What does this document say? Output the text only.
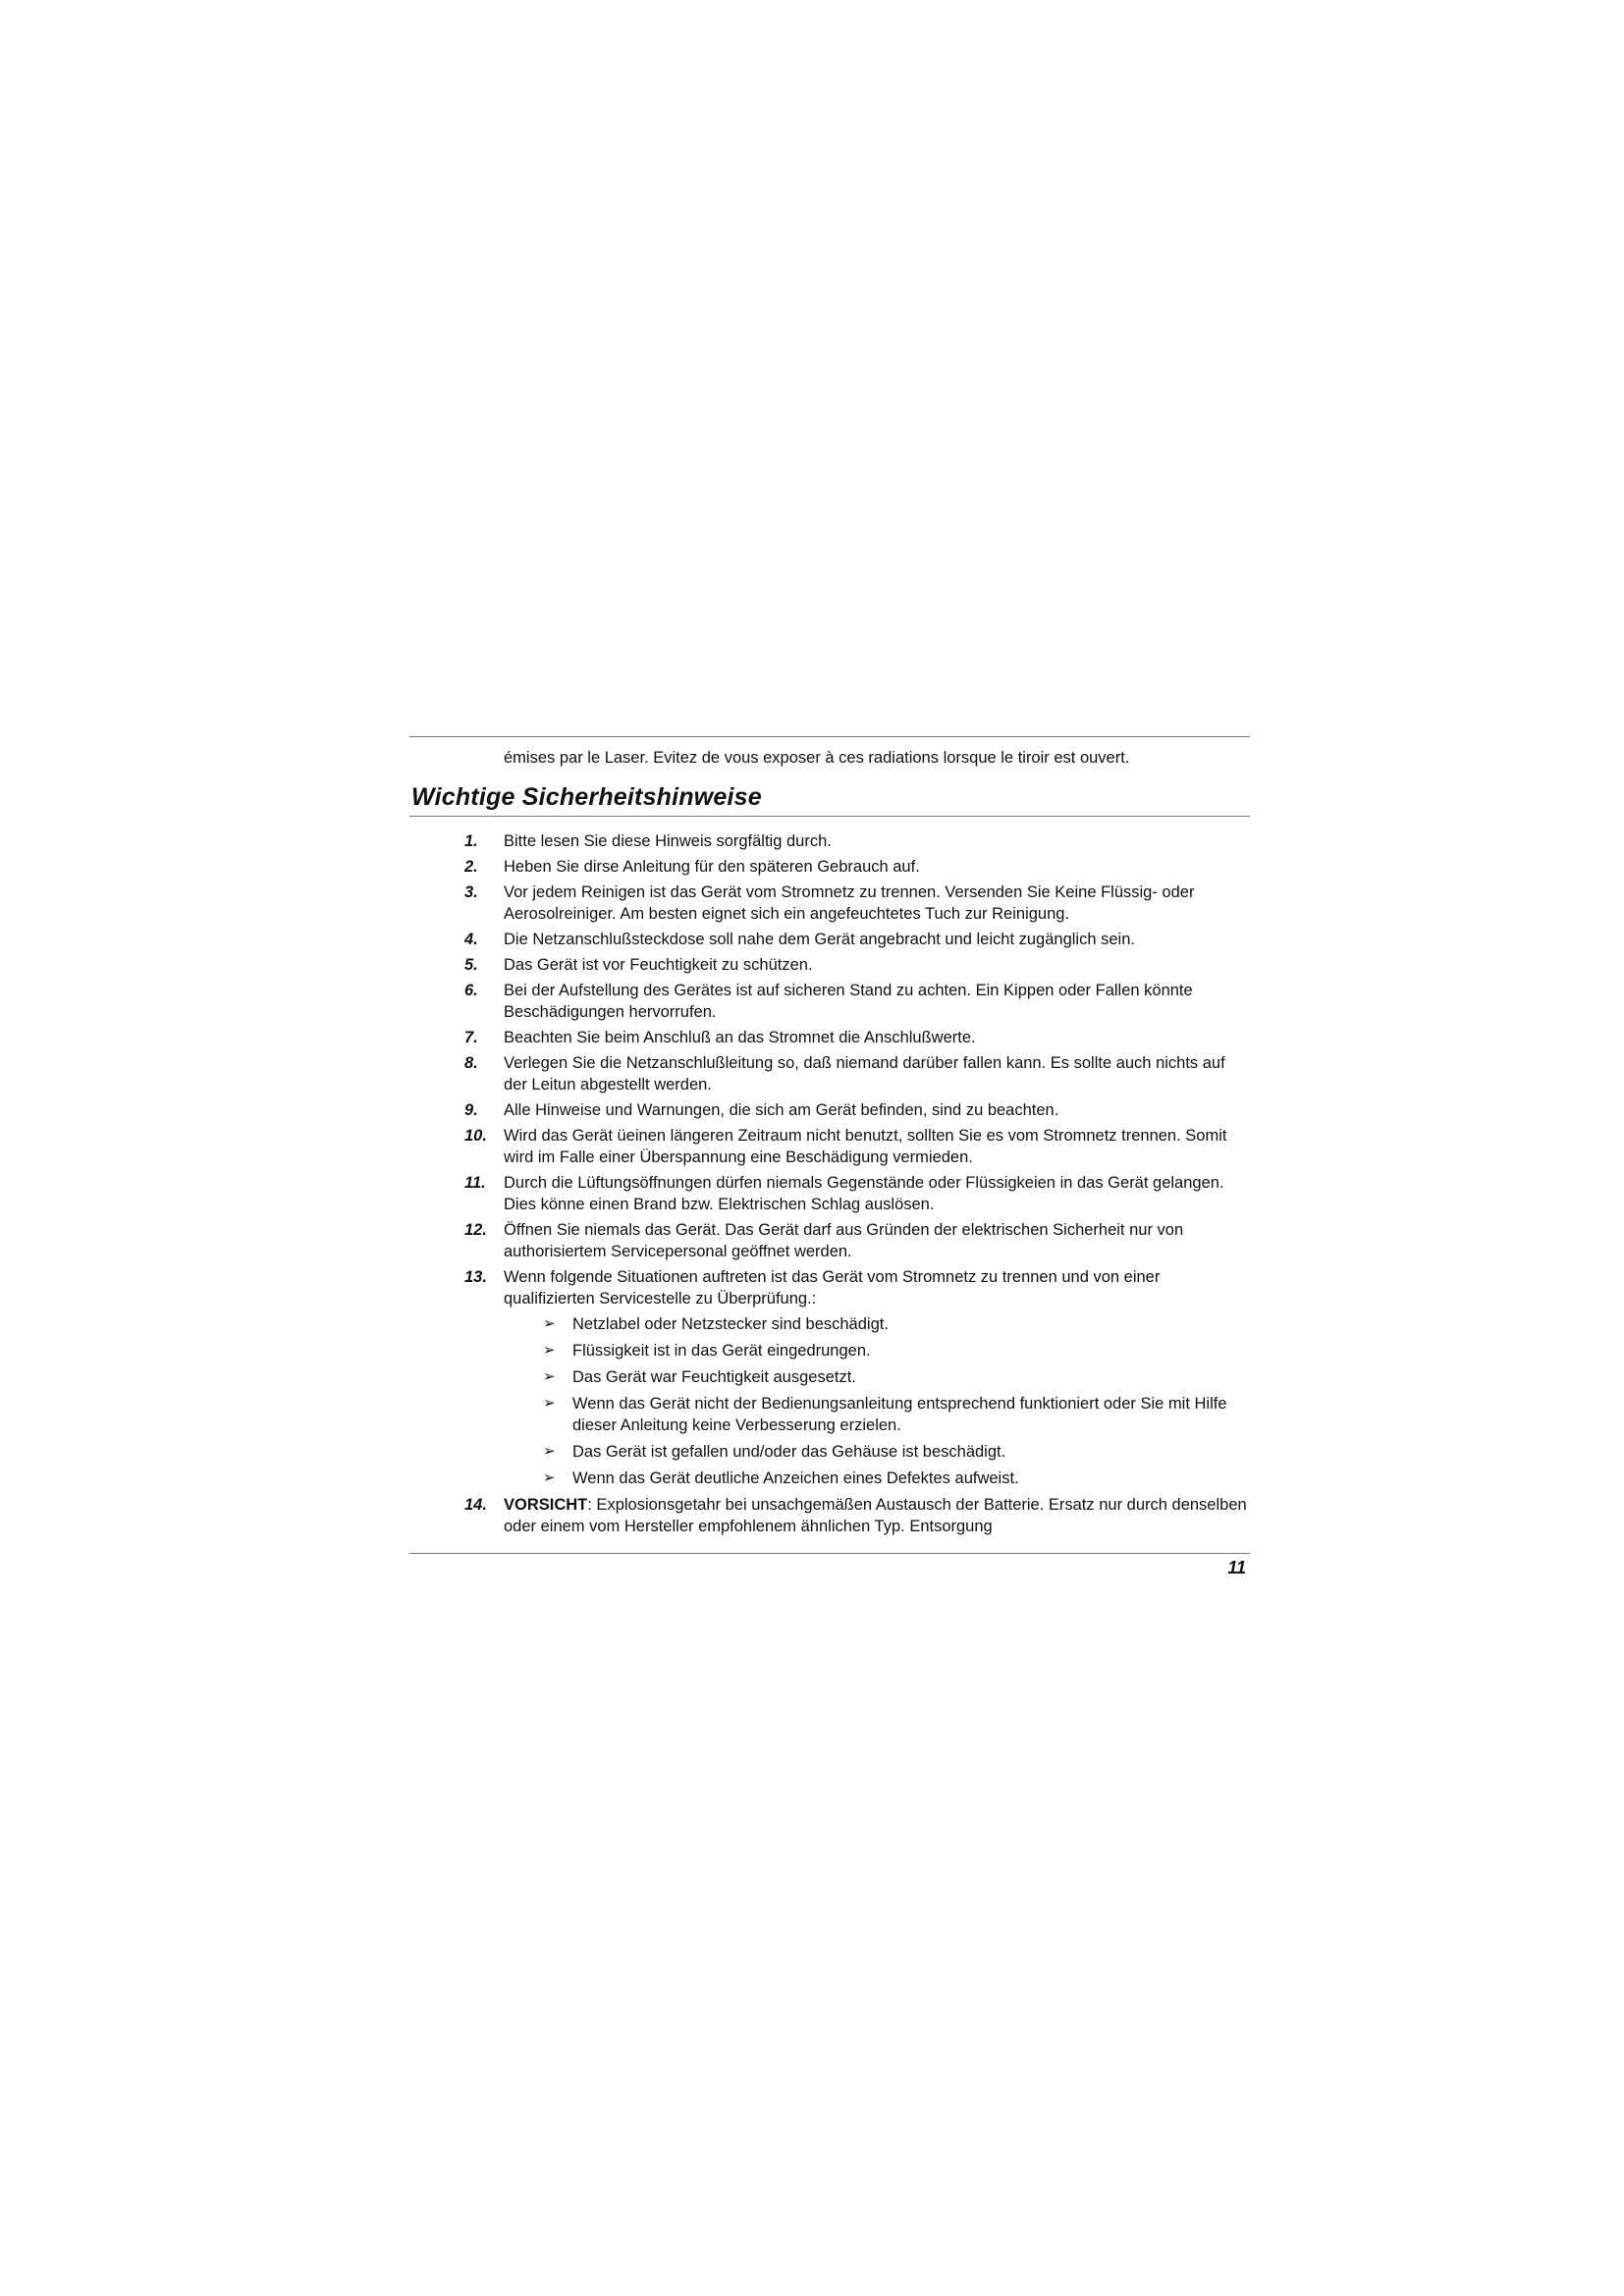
émises par le Laser. Evitez de vous exposer à ces radiations lorsque le tiroir est ouvert.
Wichtige Sicherheitshinweise
1. Bitte lesen Sie diese Hinweis sorgfältig durch.
2. Heben Sie dirse Anleitung für den späteren Gebrauch auf.
3. Vor jedem Reinigen ist das Gerät vom Stromnetz zu trennen. Versenden Sie Keine Flüssig- oder Aerosolreiniger. Am besten eignet sich ein angefeuchtetes Tuch zur Reinigung.
4. Die Netzanschlußsteckdose soll nahe dem Gerät angebracht und leicht zugänglich sein.
5. Das Gerät ist vor Feuchtigkeit zu schützen.
6. Bei der Aufstellung des Gerätes ist auf sicheren Stand zu achten. Ein Kippen oder Fallen könnte Beschädigungen hervorrufen.
7. Beachten Sie beim Anschluß an das Stromnet die Anschlußwerte.
8. Verlegen Sie die Netzanschlußleitung so, daß niemand darüber fallen kann. Es sollte auch nichts auf der Leitun abgestellt werden.
9. Alle Hinweise und Warnungen, die sich am Gerät befinden, sind zu beachten.
10. Wird das Gerät üeinen längeren Zeitraum nicht benutzt, sollten Sie es vom Stromnetz trennen. Somit wird im Falle einer Überspannung eine Beschädigung vermieden.
11. Durch die Lüftungsöffnungen dürfen niemals Gegenstände oder Flüssigkeien in das Gerät gelangen. Dies könne einen Brand bzw. Elektrischen Schlag auslösen.
12. Öffnen Sie niemals das Gerät. Das Gerät darf aus Gründen der elektrischen Sicherheit nur von authorisiertem Servicepersonal geöffnet werden.
13. Wenn folgende Situationen auftreten ist das Gerät vom Stromnetz zu trennen und von einer qualifizierten Servicestelle zu Überprüfung.:
➢ Netzlabel oder Netzstecker sind beschädigt.
➢ Flüssigkeit ist in das Gerät eingedrungen.
➢ Das Gerät war Feuchtigkeit ausgesetzt.
➢ Wenn das Gerät nicht der Bedienungsanleitung entsprechend funktioniert oder Sie mit Hilfe dieser Anleitung keine Verbesserung erzielen.
➢ Das Gerät ist gefallen und/oder das Gehäuse ist beschädigt.
➢ Wenn das Gerät deutliche Anzeichen eines Defektes aufweist.
14. VORSICHT: Explosionsgetahr bei unsachgemäßen Austausch der Batterie. Ersatz nur durch denselben oder einem vom Hersteller empfohlenem ähnlichen Typ. Entsorgung
11
